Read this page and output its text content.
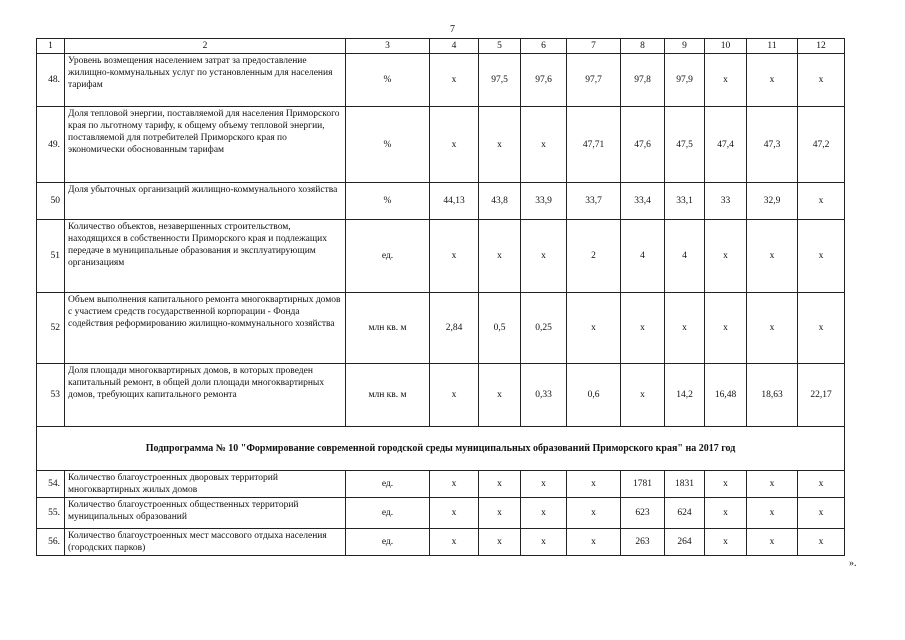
7
1	2	3	4	5	6	7	8	9	10	11	12
48.	Уровень возмещения населением затрат за предоставление жилищно-коммунальных услуг по установленным для населения тарифам	%	х	97,5	97,6	97,7	97,8	97,9	х	х	х
49.	Доля тепловой энергии, поставляемой для населения Приморского края по льготному тарифу, к общему объему тепловой энергии, поставляемой для потребителей Приморского края по экономически обоснованным тарифам	%	х	х	х	47,71	47,6	47,5	47,4	47,3	47,2
50	Доля убыточных организаций жилищно-коммунального хозяйства	%	44,13	43,8	33,9	33,7	33,4	33,1	33	32,9	х
51	Количество объектов, незавершенных строительством, находящихся в собственности Приморского края и подлежащих передаче в муниципальные образования и эксплуатирующим организациям	ед.	х	х	х	2	4	4	х	х	х
52	Объем выполнения капитального ремонта многоквартирных домов с участием средств государственной корпорации - Фонда содействия реформированию жилищно-коммунального хозяйства	млн кв. м	2,84	0,5	0,25	х	х	х	х	х	х
53	Доля площади многоквартирных домов, в которых проведен капитальный ремонт, в общей доли площади многоквартирных домов, требующих капитального ремонта	млн кв. м	х	х	0,33	0,6	х	14,2	16,48	18,63	22,17
Подпрограмма № 10 "Формирование современной городской среды муниципальных образований Приморского края" на 2017 год											
54.	Количество благоустроенных дворовых территорий многоквартирных жилых домов	ед.	х	х	х	х	1781	1831	х	х	х
55.	Количество благоустроенных общественных территорий муниципальных образований	ед.	х	х	х	х	623	624	х	х	х
56.	Количество благоустроенных мест массового отдыха населения (городских парков)	ед.	х	х	х	х	263	264	х	х	х
».
